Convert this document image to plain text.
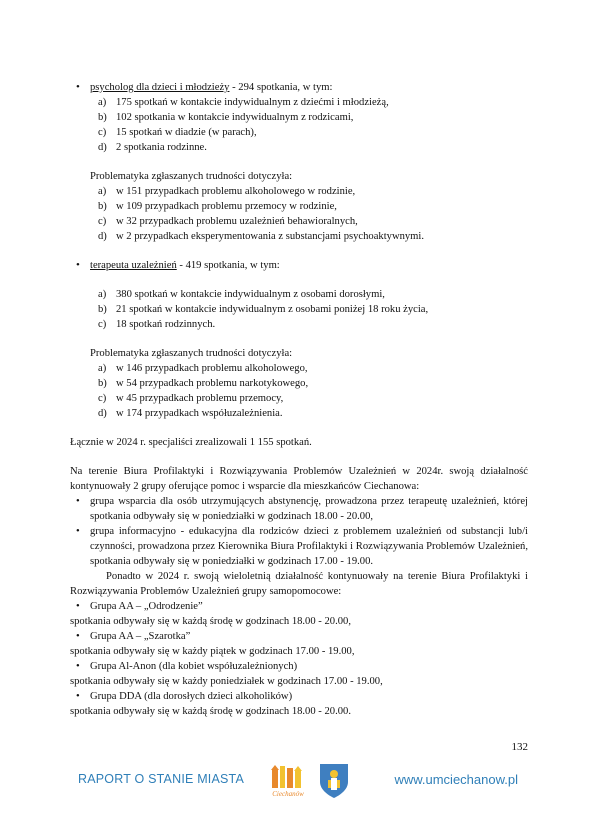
• psycholog dla dzieci i młodzieży - 294 spotkania, w tym:
a) 175 spotkań w kontakcie indywidualnym z dziećmi i młodzieżą,
b) 102 spotkania w kontakcie indywidualnym z rodzicami,
c) 15 spotkań w diadzie (w parach),
d) 2 spotkania rodzinne.
Problematyka zgłaszanych trudności dotyczyła:
a) w 151 przypadkach problemu alkoholowego w rodzinie,
b) w 109 przypadkach problemu przemocy w rodzinie,
c) w 32 przypadkach problemu uzależnień behawioralnych,
d) w 2 przypadkach eksperymentowania z substancjami psychoaktywnymi.
• terapeuta uzależnień - 419 spotkania, w tym:
a) 380 spotkań w kontakcie indywidualnym z osobami dorosłymi,
b) 21 spotkań w kontakcie indywidualnym z osobami poniżej 18 roku życia,
c) 18 spotkań rodzinnych.
Problematyka zgłaszanych trudności dotyczyła:
a) w 146 przypadkach problemu alkoholowego,
b) w 54 przypadkach problemu narkotykowego,
c) w 45 przypadkach problemu przemocy,
d) w 174 przypadkach współuzależnienia.
Łącznie w 2024 r. specjaliści zrealizowali 1 155 spotkań.
Na terenie Biura Profilaktyki i Rozwiązywania Problemów Uzależnień w 2024r. swoją działalność kontynuowały 2 grupy oferujące pomoc i wsparcie dla mieszkańców Ciechanowa:
• grupa wsparcia dla osób utrzymujących abstynencję, prowadzona przez terapeutę uzależnień, której spotkania odbywały się w poniedziałki w godzinach 18.00 - 20.00,
• grupa informacyjno - edukacyjna dla rodziców dzieci z problemem uzależnień od substancji lub/i czynności, prowadzona przez Kierownika Biura Profilaktyki i Rozwiązywania Problemów Uzależnień, spotkania odbywały się w poniedziałki w godzinach 17.00 - 19.00.
Ponadto w 2024 r. swoją wieloletnią działalność kontynuowały na terenie Biura Profilaktyki i Rozwiązywania Problemów Uzależnień grupy samopomocowe:
• Grupa AA – „Odrodzenie”
spotkania odbywały się w każdą środę w godzinach 18.00 - 20.00,
• Grupa AA – „Szarotka”
spotkania odbywały się w każdy piątek w godzinach 17.00 - 19.00,
• Grupa Al-Anon (dla kobiet współuzależnionych)
spotkania odbywały się w każdy poniedziałek w godzinach 17.00 - 19.00,
• Grupa DDA (dla dorosłych dzieci alkoholików)
spotkania odbywały się w każdą środę w godzinach 18.00 - 20.00.
132
RAPORT O STANIE MIASTA
Ciechanów
www.umciechanow.pl
